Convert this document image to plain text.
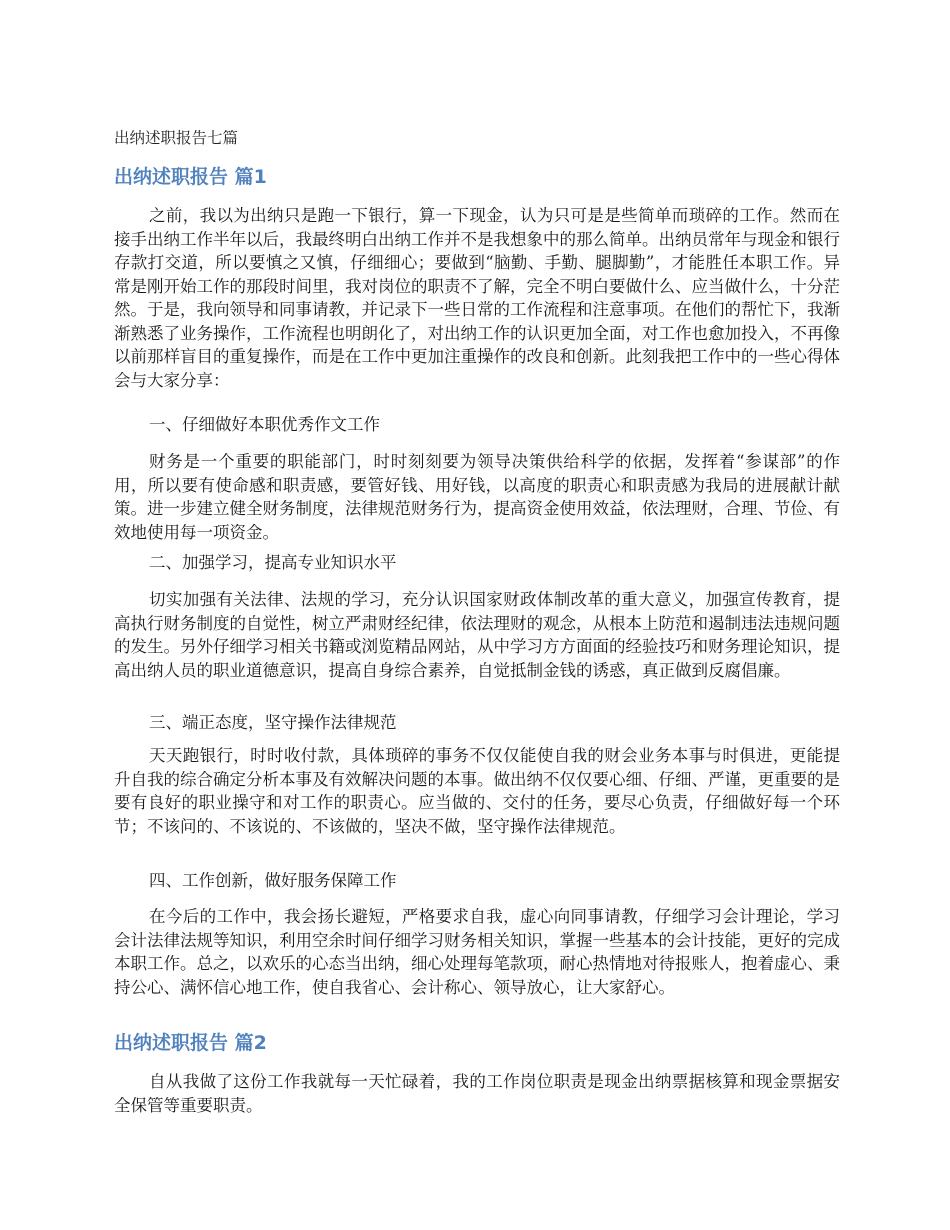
出纳述职报告七篇
出纳述职报告 篇1

之前，我以为出纳只是跑一下银行，算一下现金，认为只可是是些简单而琐碎的工作。然而在接手出纳工作半年以后，我最终明白出纳工作并不是我想象中的那么简单。出纳员常年与现金和银行存款打交道，所以要慎之又慎，仔细细心；要做到“脑勤、手勤、腿脚勤”，才能胜任本职工作。异常是刚开始工作的那段时间里，我对岗位的职责不了解，完全不明白要做什么、应当做什么，十分茫然。于是，我向领导和同事请教，并记录下一些日常的工作流程和注意事项。在他们的帮忙下，我渐渐熟悉了业务操作，工作流程也明朗化了，对出纳工作的认识更加全面，对工作也愈加投入，不再像以前那样盲目的重复操作，而是在工作中更加注重操作的改良和创新。此刻我把工作中的一些心得体会与大家分享：

一、仔细做好本职优秀作文工作

财务是一个重要的职能部门，时时刻刻要为领导决策供给科学的依据，发挥着“参谋部”的作用，所以要有使命感和职责感，要管好钱、用好钱，以高度的职责心和职责感为我局的进展献计献策。进一步建立健全财务制度，法律规范财务行为，提高资金使用效益，依法理财，合理、节俭、有效地使用每一项资金。

二、加强学习，提高专业知识水平

切实加强有关法律、法规的学习，充分认识国家财政体制改革的重大意义，加强宣传教育，提高执行财务制度的自觉性，树立严肃财经纪律，依法理财的观念，从根本上防范和遏制违法违规问题的发生。另外仔细学习相关书籍或浏览精品网站，从中学习方方面面的经验技巧和财务理论知识，提高出纳人员的职业道德意识，提高自身综合素养，自觉抵制金钱的诱惑，真正做到反腐倡廉。

三、端正态度，坚守操作法律规范

天天跑银行，时时收付款，具体琐碎的事务不仅仅能使自我的财会业务本事与时俱进，更能提升自我的综合确定分析本事及有效解决问题的本事。做出纳不仅仅要心细、仔细、严谨，更重要的是要有良好的职业操守和对工作的职责心。应当做的、交付的任务，要尽心负责，仔细做好每一个环节；不该问的、不该说的、不该做的，坚决不做，坚守操作法律规范。

四、工作创新，做好服务保障工作

在今后的工作中，我会扬长避短，严格要求自我，虚心向同事请教，仔细学习会计理论，学习会计法律法规等知识，利用空余时间仔细学习财务相关知识，掌握一些基本的会计技能，更好的完成本职工作。总之，以欢乐的心态当出纳，细心处理每笔款项，耐心热情地对待报账人，抱着虚心、秉持公心、满怀信心地工作，使自我省心、会计称心、领导放心，让大家舒心。

出纳述职报告 篇2

自从我做了这份工作我就每一天忙碌着，我的工作岗位职责是现金出纳票据核算和现金票据安全保管等重要职责。
